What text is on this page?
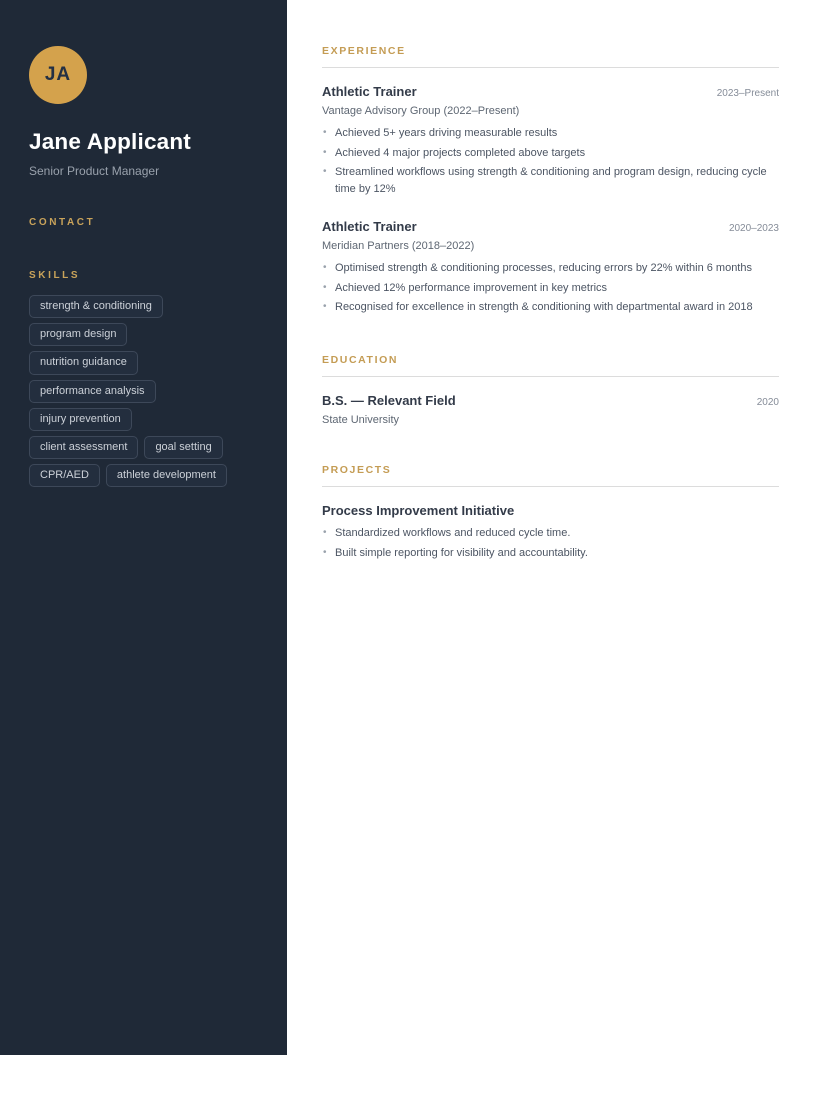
JA
Jane Applicant
Senior Product Manager
CONTACT
SKILLS
strength & conditioning
program design
nutrition guidance
performance analysis
injury prevention
client assessment	goal setting
CPR/AED	athlete development
EXPERIENCE
Athletic Trainer	2023–Present
Vantage Advisory Group (2022–Present)
• Achieved 5+ years driving measurable results
• Achieved 4 major projects completed above targets
• Streamlined workflows using strength & conditioning and program design, reducing cycle time by 12%
Athletic Trainer	2020–2023
Meridian Partners (2018–2022)
• Optimised strength & conditioning processes, reducing errors by 22% within 6 months
• Achieved 12% performance improvement in key metrics
• Recognised for excellence in strength & conditioning with departmental award in 2018
EDUCATION
B.S. — Relevant Field	2020
State University
PROJECTS
Process Improvement Initiative
• Standardized workflows and reduced cycle time.
• Built simple reporting for visibility and accountability.
